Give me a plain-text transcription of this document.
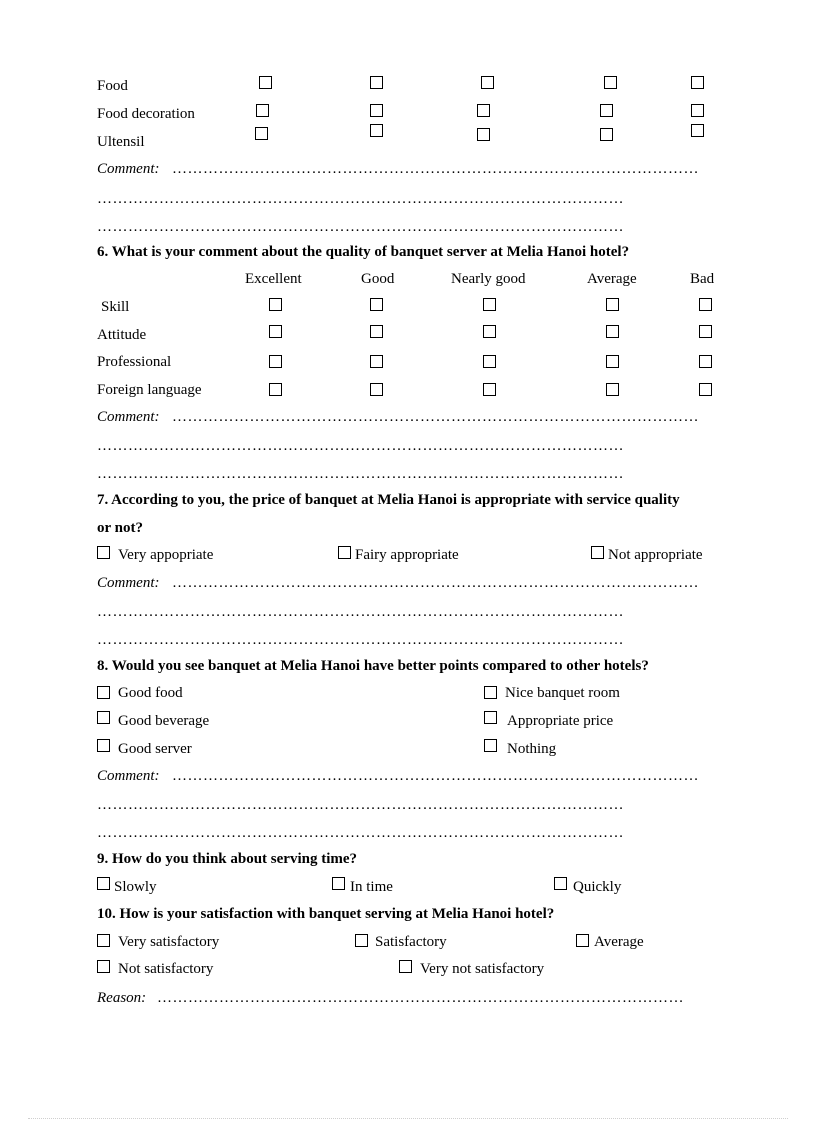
Food
Food decoration
Ultensil
Comment: …………………………………………………………………………………………
…………………………………………………………………………………………
…………………………………………………………………………………………
6. What is your comment about the quality of banquet server at Melia Hanoi hotel?
Excellent	Good	Nearly good	Average	Bad
Skill
Attitude
Professional
Foreign language
Comment: …………………………………………………………………………………………
…………………………………………………………………………………………
…………………………………………………………………………………………
7. According to you, the price of banquet at Melia Hanoi is appropriate with service quality
or not?
Very appopriate	Fairy appropriate	Not appropriate
Comment: …………………………………………………………………………………………
…………………………………………………………………………………………
…………………………………………………………………………………………
8. Would you see banquet at Melia Hanoi have better points compared to other hotels?
Good food
Good beverage
Good server
Nice banquet room
Appropriate price
Nothing
Comment: …………………………………………………………………………………………
…………………………………………………………………………………………
…………………………………………………………………………………………
9. How do you think about serving time?
Slowly	In time	Quickly
10. How is your satisfaction with banquet serving at Melia Hanoi hotel?
Very satisfactory	Satisfactory	Average
Not satisfactory	Very not satisfactory
Reason: …………………………………………………………………………………………
